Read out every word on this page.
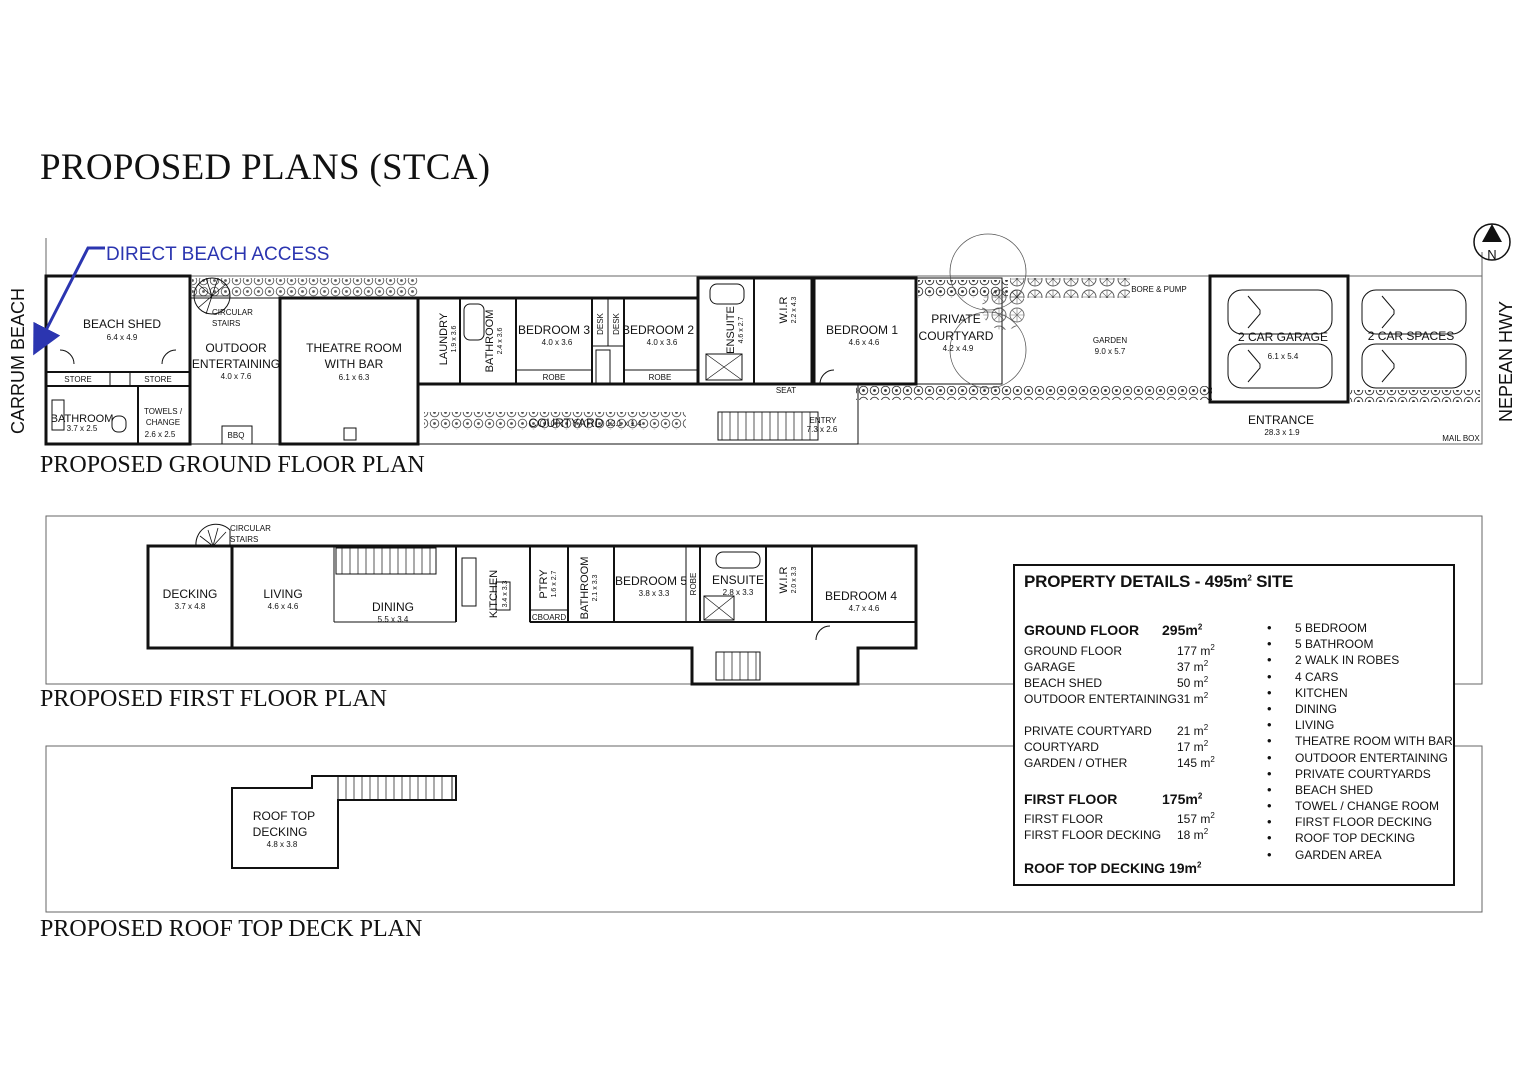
PROPOSED PLANS (STCA)
N
DIRECT BEACH ACCESS
CARRUM BEACH	NEPEAN HWY
BEACH SHED
6.4 x 4.9
STORE	STORE
BATHROOM
3.7 x 2.5
TOWELS /
CHANGE
2.6 x 2.5
CIRCULAR
STAIRS
OUTDOOR
ENTERTAINING
4.0 x 7.6
BBQ
THEATRE ROOM
WITH BAR
6.1 x 6.3
LAUNDRY 1.9 x 3.6 BATHROOM 2.4 x 3.6 BEDROOM 3
4.0 x 3.6
DESK DESK BEDROOM 2
4.0 x 3.6
ROBE	ROBE
ENSUITE 4.6 x 2.7
W.I.R 2.2 x 4.3
BEDROOM 1
4.6 x 4.6
SEAT
ENTRY
7.3 x 2.6
COURTYARD 12.1 x 1.4
PRIVATE
COURTYARD
4.2 x 4.9
BORE & PUMP
GARDEN
9.0 x 5.7
2 CAR GARAGE
6.1 x 5.4
2 CAR SPACES
ENTRANCE
28.3 x 1.9
MAIL BOX
CIRCULAR
STAIRS
DECKING
3.7 x 4.8
LIVING
4.6 x 4.6	DINING
5.5 x 3.4
KITCHEN 3.4 x 3.3	PTRY 1.6 x 2.7
CBOARD BATHROOM 2.1 x 3.3 BEDROOM 5
3.8 x 3.3 ROBE ENSUITE
2.8 x 3.3 W.I.R 2.0 x 3.3
BEDROOM 4
4.7 x 4.6
ROOF TOP
DECKING
4.8 x 3.8
PROPOSED GROUND FLOOR PLAN
PROPOSED FIRST FLOOR PLAN
PROPOSED ROOF TOP DECK PLAN
PROPERTY DETAILS - $495m^2$ SITE
GROUND FLOOR $295m^2$
GROUND FLOOR	177 $m^2$
GARAGE	37 $m^2$
BEACH SHED	50 $m^2$
OUTDOOR ENTERTAINING 31 $m^2$
PRIVATE COURTYARD 21 $m^2$
COURTYARD	17 $m^2$
GARDEN / OTHER	145 $m^2$
FIRST FLOOR	$175m^2$
FIRST FLOOR	157 $m^2$
FIRST FLOOR DECKING 18 $m^2$
ROOF TOP DECKING $19m^2$
• 5 BEDROOM
• 5 BATHROOM
• 2 WALK IN ROBES
• 4 CARS
• KITCHEN
• DINING
• LIVING
• THEATRE ROOM WITH BAR
• OUTDOOR ENTERTAINING
• PRIVATE COURTYARDS
• BEACH SHED
• TOWEL / CHANGE ROOM
• FIRST FLOOR DECKING
• ROOF TOP DECKING
• GARDEN AREA
